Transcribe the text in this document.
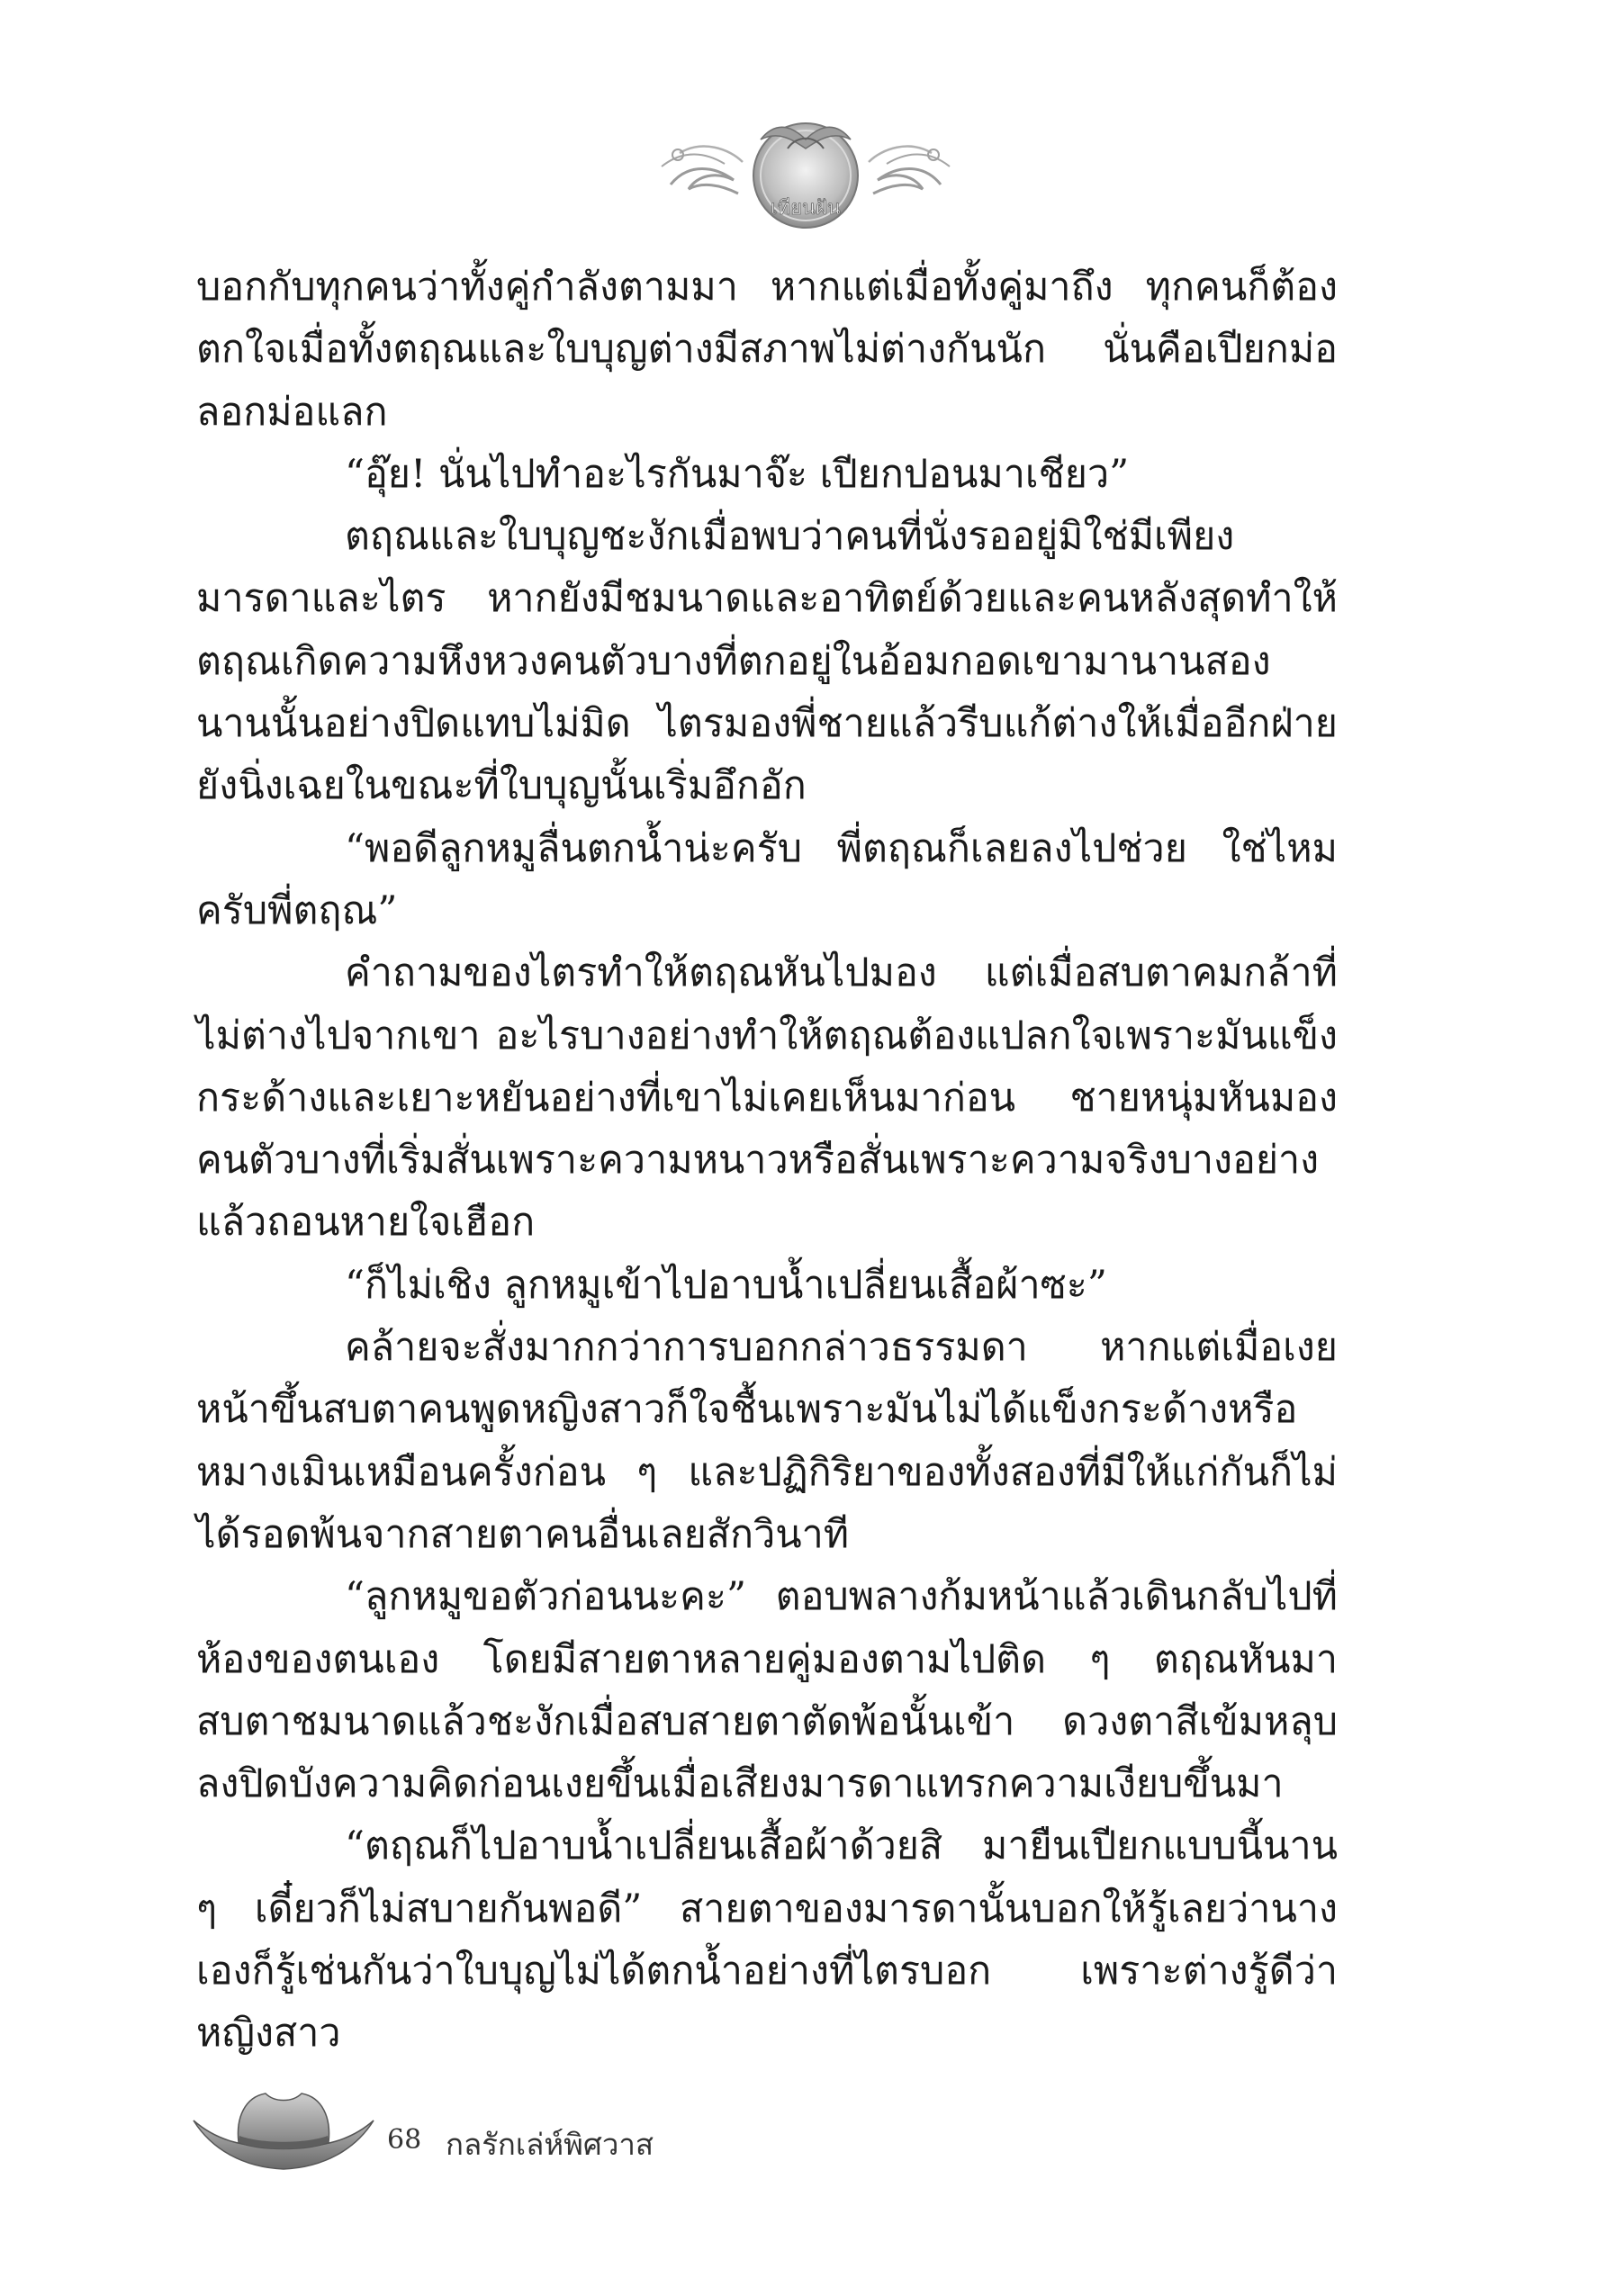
เทียนฝัน

บอกกับทุกคนว่าทั้งคู่กำลังตามมา หากแต่เมื่อทั้งคู่มาถึง ทุกคนก็ต้องตกใจเมื่อทั้งตฤณและใบบุญต่างมีสภาพไม่ต่างกันนัก นั่นคือเปียกม่อลอกม่อแลก

“อุ๊ย! นั่นไปทำอะไรกันมาจ๊ะ เปียกปอนมาเชียว”

ตฤณและใบบุญชะงักเมื่อพบว่าคนที่นั่งรออยู่มิใช่มีเพียงมารดาและไตร หากยังมีชมนาดและอาทิตย์ด้วยและคนหลังสุดทำให้ตฤณเกิดความหึงหวงคนตัวบางที่ตกอยู่ในอ้อมกอดเขามานานสองนานนั้นอย่างปิดแทบไม่มิด ไตรมองพี่ชายแล้วรีบแก้ต่างให้เมื่ออีกฝ่ายยังนิ่งเฉยในขณะที่ใบบุญนั้นเริ่มอึกอัก

“พอดีลูกหมูลื่นตกน้ำน่ะครับ พี่ตฤณก็เลยลงไปช่วย ใช่ไหมครับพี่ตฤณ”

คำถามของไตรทำให้ตฤณหันไปมอง แต่เมื่อสบตาคมกล้าที่ไม่ต่างไปจากเขา อะไรบางอย่างทำให้ตฤณต้องแปลกใจเพราะมันแข็งกระด้างและเยาะหยันอย่างที่เขาไม่เคยเห็นมาก่อน ชายหนุ่มหันมองคนตัวบางที่เริ่มสั่นเพราะความหนาวหรือสั่นเพราะความจริงบางอย่างแล้วถอนหายใจเฮือก

“ก็ไม่เชิง ลูกหมูเข้าไปอาบน้ำเปลี่ยนเสื้อผ้าซะ”

คล้ายจะสั่งมากกว่าการบอกกล่าวธรรมดา หากแต่เมื่อเงยหน้าขึ้นสบตาคนพูดหญิงสาวก็ใจชื้นเพราะมันไม่ได้แข็งกระด้างหรือหมางเมินเหมือนครั้งก่อน ๆ และปฏิกิริยาของทั้งสองที่มีให้แก่กันก็ไม่ได้รอดพ้นจากสายตาคนอื่นเลยสักวินาที

“ลูกหมูขอตัวก่อนนะคะ” ตอบพลางก้มหน้าแล้วเดินกลับไปที่ห้องของตนเอง โดยมีสายตาหลายคู่มองตามไปติด ๆ ตฤณหันมาสบตาชมนาดแล้วชะงักเมื่อสบสายตาตัดพ้อนั้นเข้า ดวงตาสีเข้มหลุบลงปิดบังความคิดก่อนเงยขึ้นเมื่อเสียงมารดาแทรกความเงียบขึ้นมา

“ตฤณก็ไปอาบน้ำเปลี่ยนเสื้อผ้าด้วยสิ มายืนเปียกแบบนี้นาน ๆ เดี๋ยวก็ไม่สบายกันพอดี” สายตาของมารดานั้นบอกให้รู้เลยว่านางเองก็รู้เช่นกันว่าใบบุญไม่ได้ตกน้ำอย่างที่ไตรบอก เพราะต่างรู้ดีว่าหญิงสาว

68 กลรักเล่ห์พิศวาส
